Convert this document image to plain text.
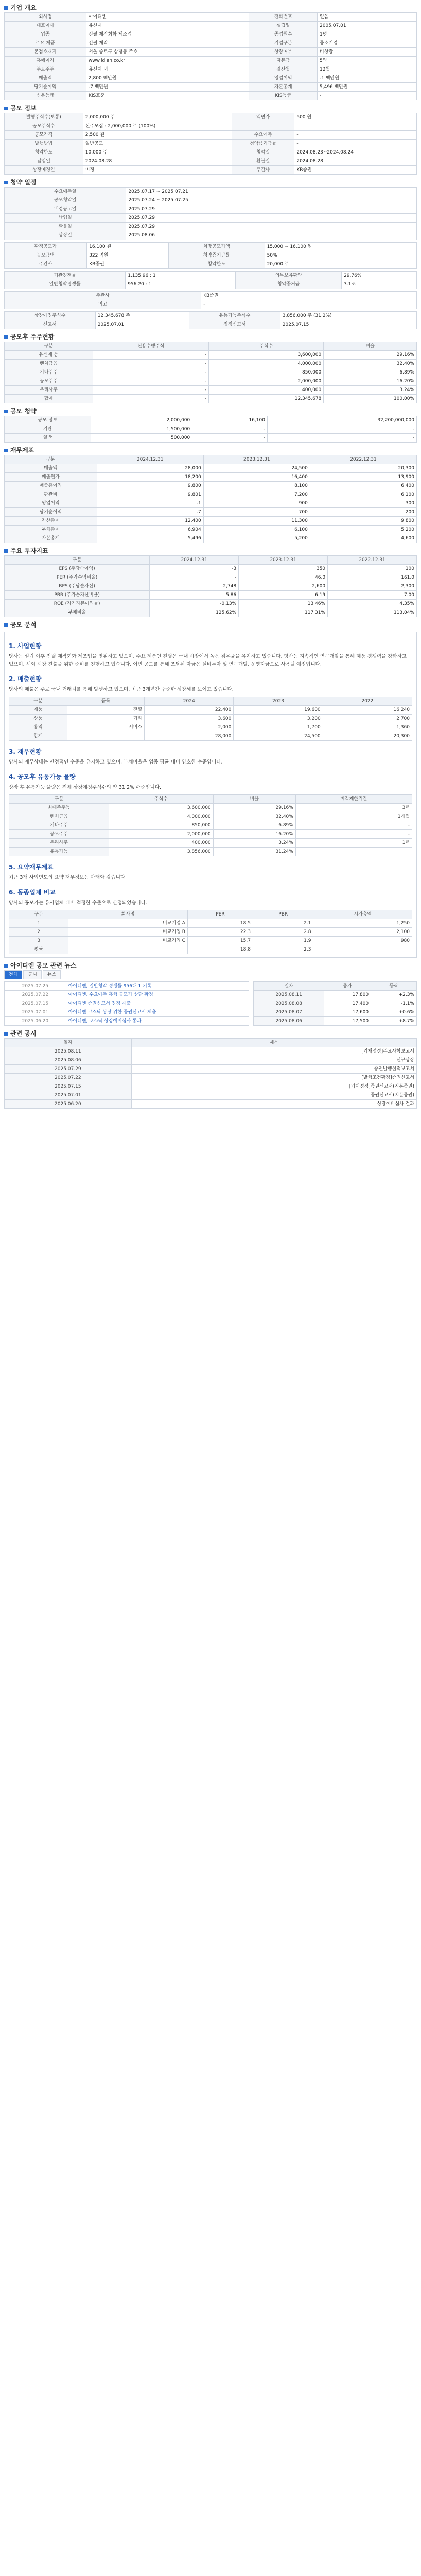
기업 개요
회사명	아이디엔	전화번호	없음
대표이사	유신재	설립일	2005.07.01
업종	전필 제작회화 제조업	종업원수	1명
주요 제품	전필 제작	기업구분	중소기업
본점소재지	서울 종로구 삼청동 주소	상장여부	비상장
홈페이지	www.idien.co.kr	자본금	5억
주요주주	유신재 외	결산월	12월
매출액	2,800 백만원	영업이익	-1 백만원
당기순이익	-7 백만원	자본총계	5,496 백만원
신용등급	KIS표준	KIS등급	-
공모 정보
발행주식수(보통)	2,000,000 주	액면가	500 원
공모주식수	신주모집 : 2,000,000 주 (100%)		
공모가격	2,500 원	수요예측	-
발행방법	일반공모	청약증거금률	-
청약한도	10,000 주	청약일	2024.08.23~2024.08.24
납입일	2024.08.28	환불일	2024.08.28
상장예정일	미정	주간사	KB증권
청약 일정
수요예측일	2025.07.17 ~ 2025.07.21
공모청약일	2025.07.24 ~ 2025.07.25
배정공고일	2025.07.29
납입일	2025.07.29
환불일	2025.07.29
상장일	2025.08.06
확정공모가	16,100 원	희망공모가액	15,000 ~ 16,100 원
공모금액	322 억원	청약증거금률	50%
주간사	KB증권	청약한도	20,000 주
기관경쟁률	1,135.96 : 1	의무보유확약	29.76%
일반청약경쟁률	956.20 : 1	청약증거금	3.1조
주관사	KB증권
비고	-
상장예정주식수	12,345,678 주	유통가능주식수	3,856,000 주 (31.2%)
신고서	2025.07.01	정정신고서	2025.07.15
공모후 주주현황
구분	신용수행주식	주식수	비율
유신재 등	-	3,600,000	29.16%
벤처금융	-	4,000,000	32.40%
기타주주	-	850,000	6.89%
공모주주	-	2,000,000	16.20%
우리사주	-	400,000	3.24%
합계	-	12,345,678	100.00%
공모 청약
공모 정보	2,000,000	16,100	32,200,000,000
기관	1,500,000	-	-
일반	500,000	-	-
재무제표
구분	2024.12.31	2023.12.31	2022.12.31
매출액	28,000	24,500	20,300
매출원가	18,200	16,400	13,900
매출총이익	9,800	8,100	6,400
판관비	9,801	7,200	6,100
영업이익	-1	900	300
당기순이익	-7	700	200
자산총계	12,400	11,300	9,800
부채총계	6,904	6,100	5,200
자본총계	5,496	5,200	4,600
주요 투자지표
구분	2024.12.31	2023.12.31	2022.12.31
EPS (주당순이익)	-3	350	100
PER (주가수익비율)	-	46.0	161.0
BPS (주당순자산)	2,748	2,600	2,300
PBR (주가순자산비율)	5.86	6.19	7.00
ROE (자기자본이익률)	-0.13%	13.46%	4.35%
부채비율	125.62%	117.31%	113.04%
공모 분석
1. 사업현황
당사는 설립 이후 전필 제작회화 제조업을 영위하고 있으며, 주요 제품인 전필은 국내 시장에서 높은 점유율을 유지하고 있습니다. 당사는 지속적인 연구개발을 통해 제품 경쟁력을 강화하고 있으며, 해외 시장 진출을 위한 준비를 진행하고 있습니다. 이번 공모를 통해 조달된 자금은 설비투자 및 연구개발, 운영자금으로 사용될 예정입니다.
2. 매출현황
당사의 매출은 주로 국내 거래처를 통해 발생하고 있으며, 최근 3개년간 꾸준한 성장세를 보이고 있습니다.
구분	품목	2024	2023	2022
제품	전필	22,400	19,600	16,240
상품	기타	3,600	3,200	2,700
용역	서비스	2,000	1,700	1,360
합계		28,000	24,500	20,300
3. 재무현황
당사의 재무상태는 안정적인 수준을 유지하고 있으며, 부채비율은 업종 평균 대비 양호한 수준입니다.
4. 공모후 유통가능 물량
상장 후 유통가능 물량은 전체 상장예정주식수의 약 31.2% 수준입니다.
구분	주식수	비율	매각제한기간
최대주주등	3,600,000	29.16%	3년
벤처금융	4,000,000	32.40%	1개월
기타주주	850,000	6.89%	-
공모주주	2,000,000	16.20%	-
우리사주	400,000	3.24%	1년
유통가능	3,856,000	31.24%	
5. 요약재무제표
최근 3개 사업연도의 요약 재무정보는 아래와 같습니다.
6. 동종업체 비교
당사의 공모가는 유사업체 대비 적정한 수준으로 산정되었습니다.
구분	회사명	PER	PBR	시가총액
1	비교기업 A	18.5	2.1	1,250
2	비교기업 B	22.3	2.8	2,100
3	비교기업 C	15.7	1.9	980
평균		18.8	2.3	
아이디엔 공모 관련 뉴스
전체	공시	뉴스
2025.07.25	아이디엔, 일반청약 경쟁률 956대 1 기록
2025.07.22	아이디엔, 수요예측 흥행 공모가 상단 확정
2025.07.15	아이디엔 증권신고서 정정 제출
2025.07.01	아이디엔 코스닥 상장 위한 증권신고서 제출
2025.06.20	아이디엔, 코스닥 상장예비심사 통과
일자	종가	등락
2025.08.11	17,800	+2.3%
2025.08.08	17,400	-1.1%
2025.08.07	17,600	+0.6%
2025.08.06	17,500	+8.7%
관련 공시
일자	제목
2025.08.11	[기재정정]주요사항보고서
2025.08.06	신규상장
2025.07.29	증권발행실적보고서
2025.07.22	[발행조건확정]증권신고서
2025.07.15	[기재정정]증권신고서(지분증권)
2025.07.01	증권신고서(지분증권)
2025.06.20	상장예비심사 결과
